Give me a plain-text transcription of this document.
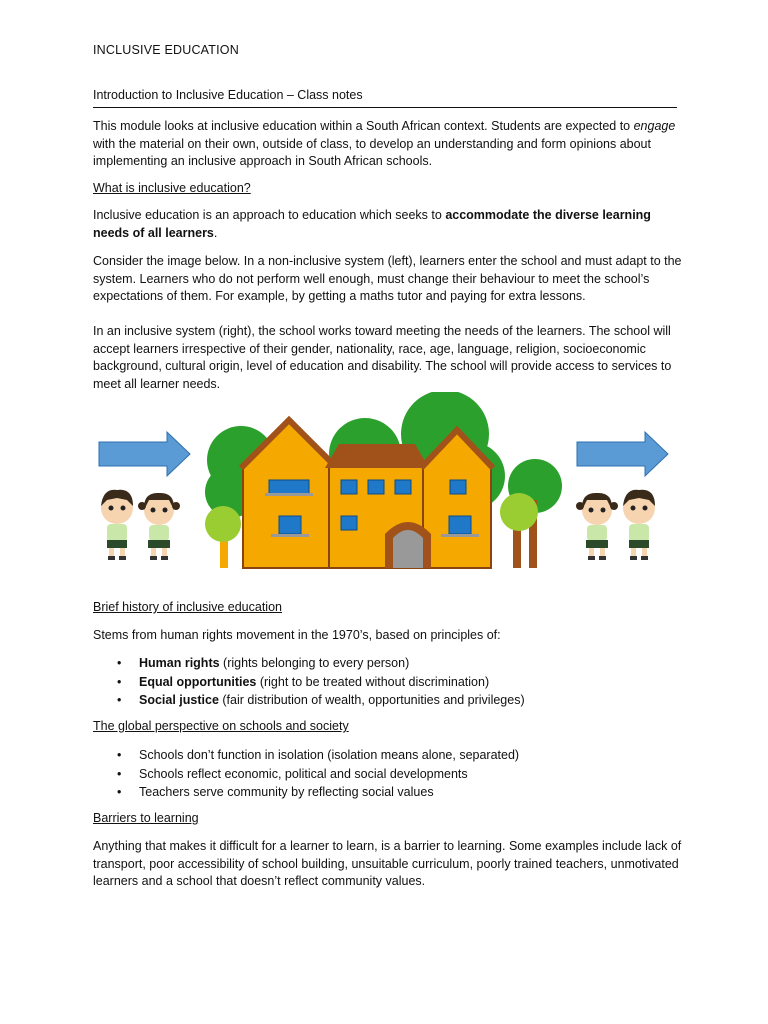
INCLUSIVE EDUCATION
Introduction to Inclusive Education – Class notes

This module looks at inclusive education within a South African context. Students are expected to engage with the material on their own, outside of class, to develop an understanding and form opinions about implementing an inclusive approach in South African schools.

What is inclusive education?

Inclusive education is an approach to education which seeks to accommodate the diverse learning needs of all learners.

Consider the image below. In a non-inclusive system (left), learners enter the school and must adapt to the system. Learners who do not perform well enough, must change their behaviour to meet the school’s expectations of them. For example, by getting a maths tutor and paying for extra lessons.

In an inclusive system (right), the school works toward meeting the needs of the learners. The school will accept learners irrespective of their gender, nationality, race, age, language, religion, socioeconomic background, cultural origin, level of education and disability. The school will provide access to services to meet all learner needs.

Brief history of inclusive education

Stems from human rights movement in the 1970’s, based on principles of:

• Human rights (rights belonging to every person)
• Equal opportunities (right to be treated without discrimination)
• Social justice (fair distribution of wealth, opportunities and privileges)
The global perspective on schools and society
• Schools don’t function in isolation (isolation means alone, separated)
• Schools reflect economic, political and social developments
• Teachers serve community by reflecting social values
Barriers to learning

Anything that makes it difficult for a learner to learn, is a barrier to learning. Some examples include lack of transport, poor accessibility of school building, unsuitable curriculum, poorly trained teachers, unmotivated learners and a school that doesn’t reflect community values.
